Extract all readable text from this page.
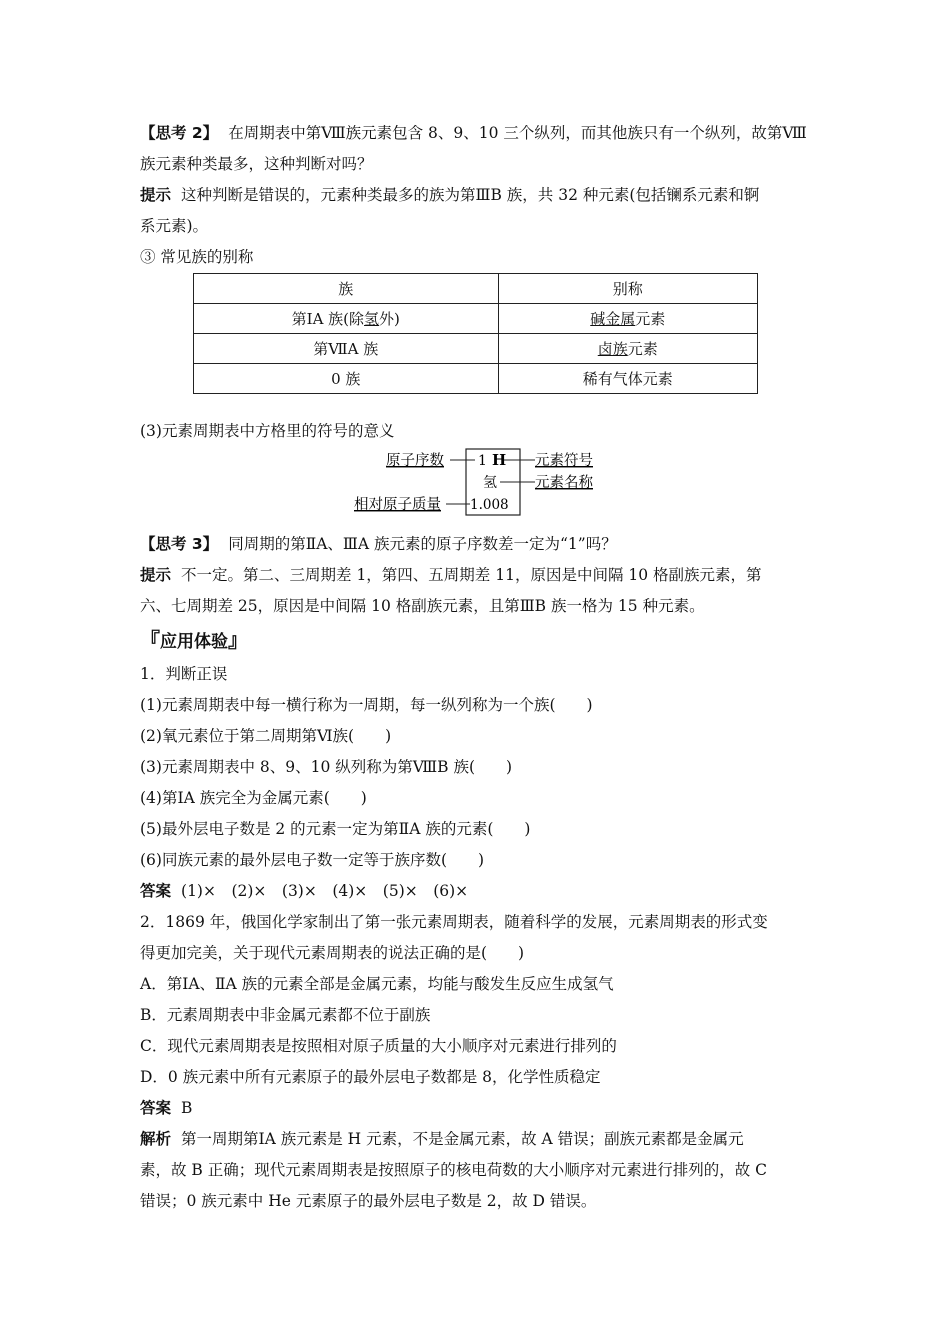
【思考 2】 在周期表中第Ⅷ族元素包含 8、9、10 三个纵列，而其他族只有一个纵列，故第Ⅷ
族元素种类最多，这种判断对吗？
提示 这种判断是错误的，元素种类最多的族为第ⅢB 族，共 32 种元素(包括镧系元素和锕
系元素)。
③ 常见族的别称
族	别称
第ⅠA 族(除氢外)	碱金属元素
第ⅦA 族	卤族元素
0 族	稀有气体元素
(3)元素周期表中方格里的符号的意义
1 H
氢
1.008
原子序数	元素符号
元素名称
相对原子质量
【思考 3】 同周期的第ⅡA、ⅢA 族元素的原子序数差一定为“1”吗？
提示 不一定。第二、三周期差 1，第四、五周期差 11，原因是中间隔 10 格副族元素，第
六、七周期差 25，原因是中间隔 10 格副族元素，且第ⅢB 族一格为 15 种元素。
『应用体验』
1．判断正误
(1)元素周期表中每一横行称为一周期，每一纵列称为一个族(　　)
(2)氧元素位于第二周期第Ⅵ族(　　)
(3)元素周期表中 8、9、10 纵列称为第ⅧB 族(　　)
(4)第ⅠA 族完全为金属元素(　　)
(5)最外层电子数是 2 的元素一定为第ⅡA 族的元素(　　)
(6)同族元素的最外层电子数一定等于族序数(　　)
答案 (1)×　(2)×　(3)×　(4)×　(5)×　(6)×
2．1869 年，俄国化学家制出了第一张元素周期表，随着科学的发展，元素周期表的形式变
得更加完美，关于现代元素周期表的说法正确的是(　　)
A．第ⅠA、ⅡA 族的元素全部是金属元素，均能与酸发生反应生成氢气
B．元素周期表中非金属元素都不位于副族
C．现代元素周期表是按照相对原子质量的大小顺序对元素进行排列的
D．0 族元素中所有元素原子的最外层电子数都是 8，化学性质稳定
答案 B
解析 第一周期第ⅠA 族元素是 H 元素，不是金属元素，故 A 错误；副族元素都是金属元
素，故 B 正确；现代元素周期表是按照原子的核电荷数的大小顺序对元素进行排列的，故 C
错误；0 族元素中 He 元素原子的最外层电子数是 2，故 D 错误。
